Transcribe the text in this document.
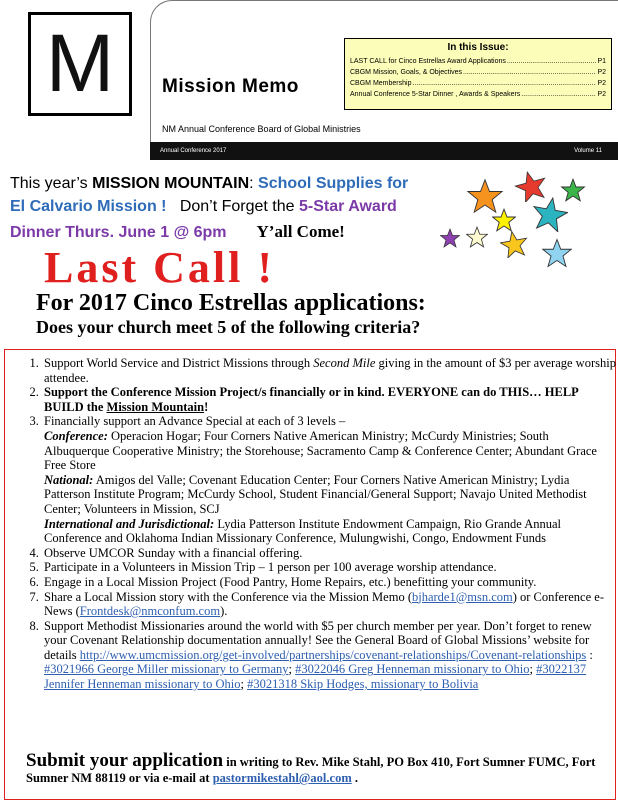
M	Mission Memo
NM Annual Conference Board of Global Ministries
In this Issue:
LAST CALL for Cinco Estrellas Award Applications .....	P1
CBGM Mission, Goals, & Objectives .....	P2
CBGM Membership .....	P2
Annual Conference 5-Star Dinner , Awards & Speakers .....	P2
Annual Conference 2017	Volume 11
This year’s MISSION MOUNTAIN: School Supplies for
El Calvario Mission !   Don’t Forget the 5-Star Award
Dinner Thurs. June 1 @ 6pm Y’all Come!
Last Call !
For 2017 Cinco Estrellas applications:
Does your church meet 5 of the following criteria?
1. Support World Service and District Missions through Second Mile giving in the amount of $3 per average worship attendee.
2. Support the Conference Mission Project/s financially or in kind. EVERYONE can do THIS… HELP BUILD the Mission Mountain!
3. Financially support an Advance Special at each of 3 levels –
Conference: Operacion Hogar; Four Corners Native American Ministry; McCurdy Ministries; South Albuquerque Cooperative Ministry; the Storehouse; Sacramento Camp & Conference Center; Abundant Grace Free Store
National: Amigos del Valle; Covenant Education Center; Four Corners Native American Ministry; Lydia Patterson Institute Program; McCurdy School, Student Financial/General Support; Navajo United Methodist Center; Volunteers in Mission, SCJ
International and Jurisdictional: Lydia Patterson Institute Endowment Campaign, Rio Grande Annual Conference and Oklahoma Indian Missionary Conference, Mulungwishi, Congo, Endowment Funds
4. Observe UMCOR Sunday with a financial offering.
5. Participate in a Volunteers in Mission Trip – 1 person per 100 average worship attendance.
6. Engage in a Local Mission Project (Food Pantry, Home Repairs, etc.) benefitting your community.
7. Share a Local Mission story with the Conference via the Mission Memo (bjharde1@msn.com) or Conference e-News (Frontdesk@nmconfum.com).
8. Support Methodist Missionaries around the world with $5 per church member per year. Don’t forget to renew your Covenant Relationship documentation annually! See the General Board of Global Missions’ website for details http://www.umcmission.org/get-involved/partnerships/covenant-relationships/Covenant-relationships : #3021966 George Miller missionary to Germany; #3022046 Greg Henneman missionary to Ohio; #3022137 Jennifer Henneman missionary to Ohio; #3021318 Skip Hodges, missionary to Bolivia
Submit your application in writing to Rev. Mike Stahl, PO Box 410, Fort Sumner FUMC, Fort Sumner NM 88119 or via e-mail at pastormikestahl@aol.com .
